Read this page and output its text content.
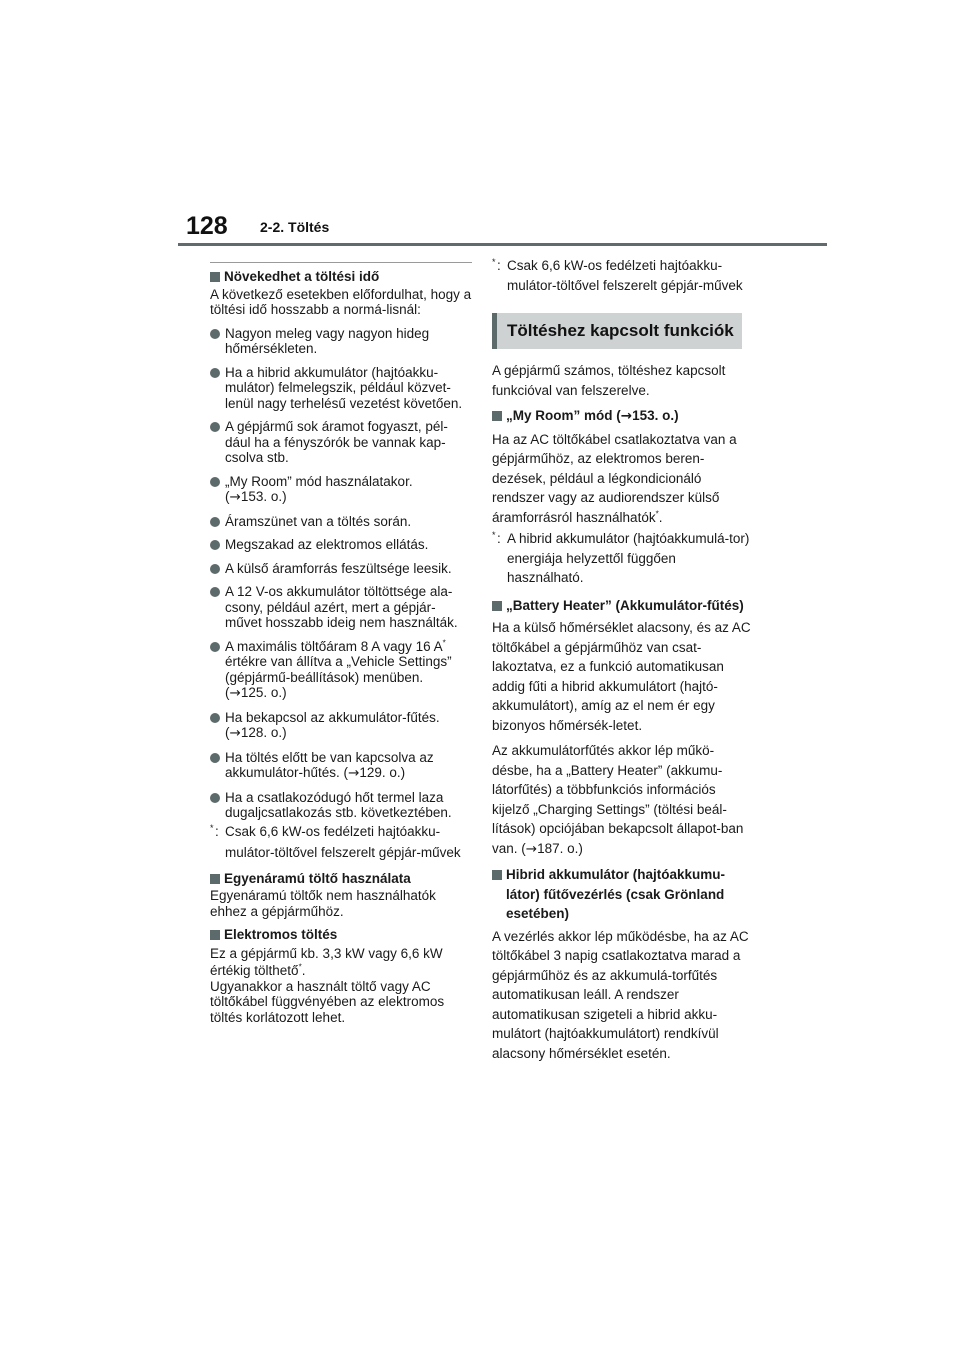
128 2-2. Töltés
Növekedhet a töltési idő

A következő esetekben előfordulhat, hogy a töltési idő hosszabb a normá-lisnál:

Nagyon meleg vagy nagyon hideg hőmérsékleten.
Ha a hibrid akkumulátor (hajtóakku-mulátor) felmelegszik, például közvet-lenül nagy terhelésű vezetést követően.
A gépjármű sok áramot fogyaszt, pél-dául ha a fényszórók be vannak kap-csolva stb.
„My Room” mód használatakor.
(→153. o.)
Áramszünet van a töltés során.
Megszakad az elektromos ellátás.
A külső áramforrás feszültsége leesik.
A 12 V-os akkumulátor töltöttsége ala-csony, például azért, mert a gépjár-művet hosszabb ideig nem használták.
A maximális töltőáram 8 A vagy 16 A* értékre van állítva a „Vehicle Settings” (gépjármű-beállítások) menüben.
(→125. o.)
Ha bekapcsol az akkumulátor-fűtés.
(→128. o.)
Ha töltés előtt be van kapcsolva az akkumulátor-hűtés. (→129. o.)
Ha a csatlakozódugó hőt termel laza dugaljcsatlakozás stb. következtében.
* : Csak 6,6 kW-os fedélzeti hajtóakku-mulátor-töltővel felszerelt gépjár-művek
Egyenáramú töltő használata

Egyenáramú töltők nem használhatók ehhez a gépjárműhöz.

Elektromos töltés

Ez a gépjármű kb. 3,3 kW vagy 6,6 kW értékig tölthető*.

Ugyanakkor a használt töltő vagy AC töltőkábel függvényében az elektromos töltés korlátozott lehet.

* : Csak 6,6 kW-os fedélzeti hajtóakku-mulátor-töltővel felszerelt gépjár-művek
Töltéshez kapcsolt funkciók

A gépjármű számos, töltéshez kapcsolt funkcióval van felszerelve.

„My Room” mód (→153. o.)

Ha az AC töltőkábel csatlakoztatva van a gépjárműhöz, az elektromos beren-dezések, például a légkondicionáló rendszer vagy az audiorendszer külső áramforrásról használhatók*.

* : A hibrid akkumulátor (hajtóakkumulá-tor) energiája helyzettől függően használható.
„Battery Heater” (Akkumulátor-fűtés)

Ha a külső hőmérséklet alacsony, és az AC töltőkábel a gépjárműhöz van csat-lakoztatva, ez a funkció automatikusan addig fűti a hibrid akkumulátort (hajtó-akkumulátort), amíg az el nem ér egy bizonyos hőmérsék-letet.

Az akkumulátorfűtés akkor lép műkö-désbe, ha a „Battery Heater” (akkumu-látorfűtés) a többfunkciós információs kijelző „Charging Settings” (töltési beál-lítások) opciójában bekapcsolt állapot-ban van. (→187. o.)

Hibrid akkumulátor (hajtóakkumu-látor) fűtővezérlés (csak Grönland esetében)

A vezérlés akkor lép működésbe, ha az AC töltőkábel 3 napig csatlakoztatva marad a gépjárműhöz és az akkumulá-torfűtés automatikusan leáll. A rendszer automatikusan szigeteli a hibrid akku-mulátort (hajtóakkumulátort) rendkívül alacsony hőmérséklet esetén.
